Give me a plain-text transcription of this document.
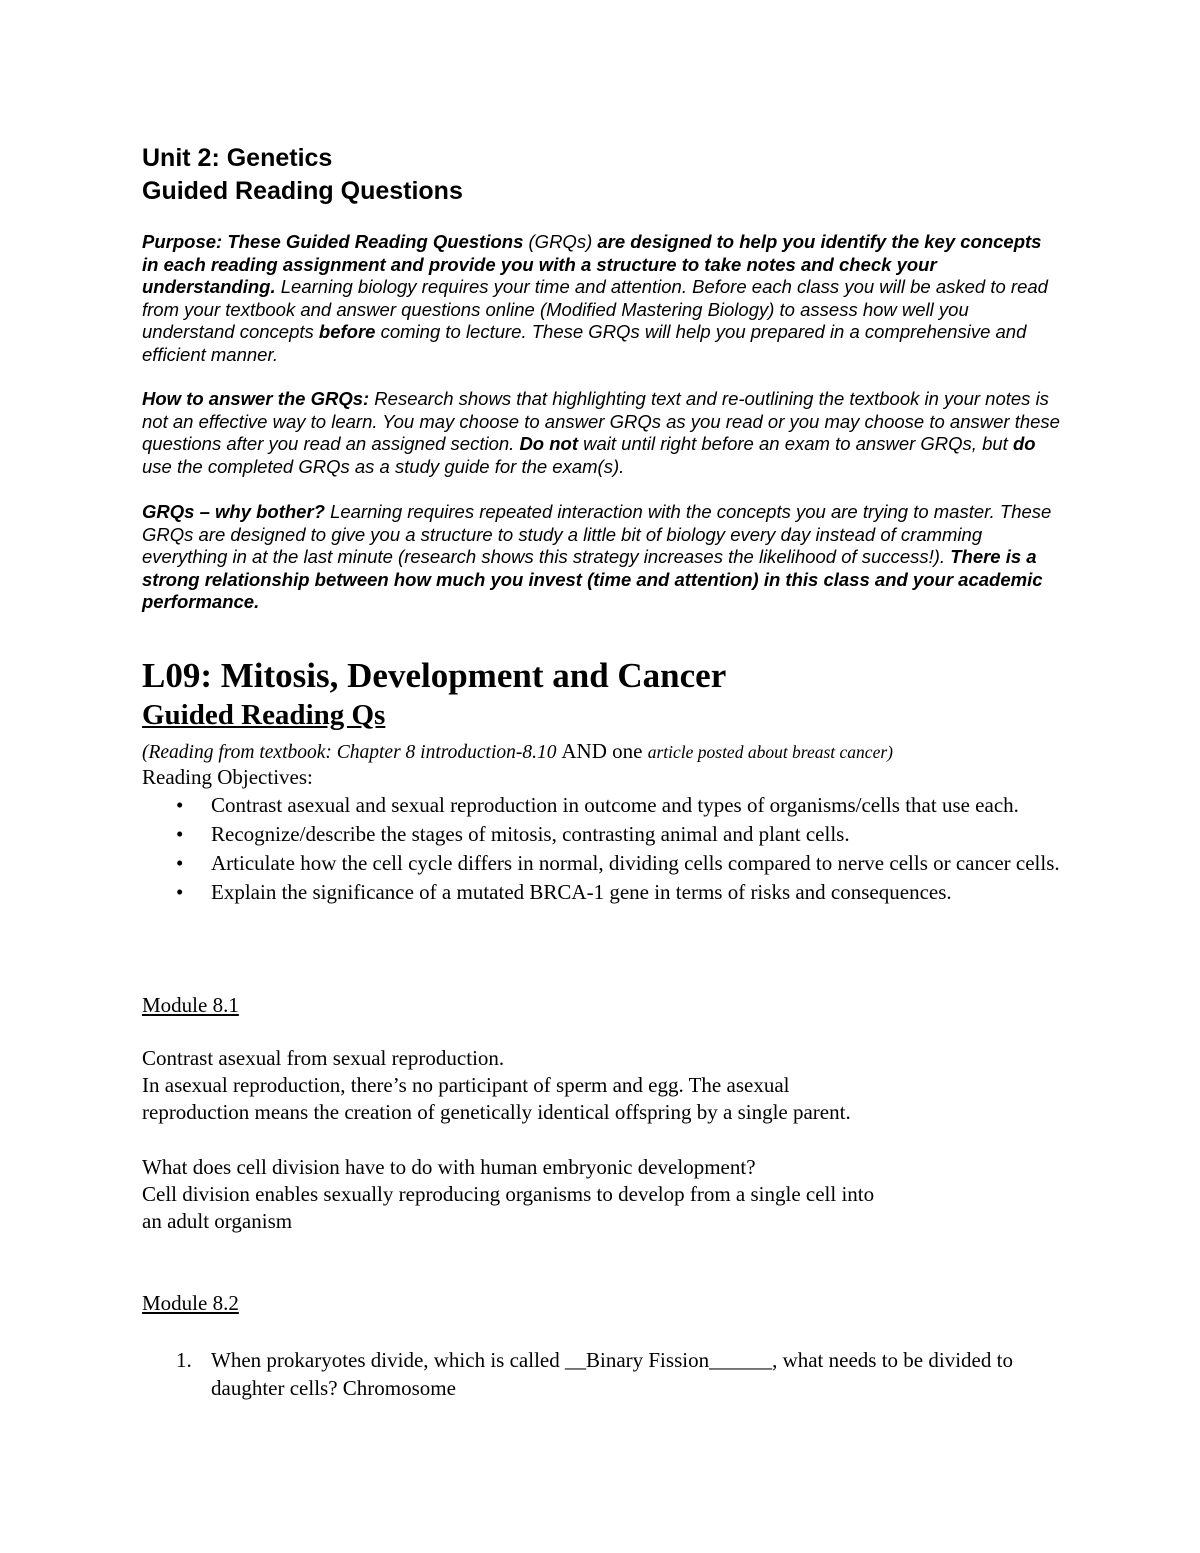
Unit 2: Genetics
Guided Reading Questions

Purpose: These Guided Reading Questions (GRQs) are designed to help you identify the key concepts in each reading assignment and provide you with a structure to take notes and check your understanding. Learning biology requires your time and attention. Before each class you will be asked to read from your textbook and answer questions online (Modified Mastering Biology) to assess how well you understand concepts before coming to lecture. These GRQs will help you prepared in a comprehensive and efficient manner.

How to answer the GRQs: Research shows that highlighting text and re-outlining the textbook in your notes is not an effective way to learn. You may choose to answer GRQs as you read or you may choose to answer these questions after you read an assigned section. Do not wait until right before an exam to answer GRQs, but do use the completed GRQs as a study guide for the exam(s).

GRQs – why bother? Learning requires repeated interaction with the concepts you are trying to master. These GRQs are designed to give you a structure to study a little bit of biology every day instead of cramming everything in at the last minute (research shows this strategy increases the likelihood of success!). There is a strong relationship between how much you invest (time and attention) in this class and your academic performance.

L09: Mitosis, Development and Cancer
Guided Reading Qs

(Reading from textbook: Chapter 8 introduction-8.10 AND one article posted about breast cancer)

Reading Objectives:

• Contrast asexual and sexual reproduction in outcome and types of organisms/cells that use each.
• Recognize/describe the stages of mitosis, contrasting animal and plant cells.
• Articulate how the cell cycle differs in normal, dividing cells compared to nerve cells or cancer cells.
• Explain the significance of a mutated BRCA-1 gene in terms of risks and consequences.

Module 8.1

Contrast asexual from sexual reproduction.
In asexual reproduction, there’s no participant of sperm and egg. The asexual
reproduction means the creation of genetically identical offspring by a single parent.
What does cell division have to do with human embryonic development?
Cell division enables sexually reproducing organisms to develop from a single cell into
an adult organism

Module 8.2

1. When prokaryotes divide, which is called __Binary Fission______, what needs to be divided to daughter cells? Chromosome
